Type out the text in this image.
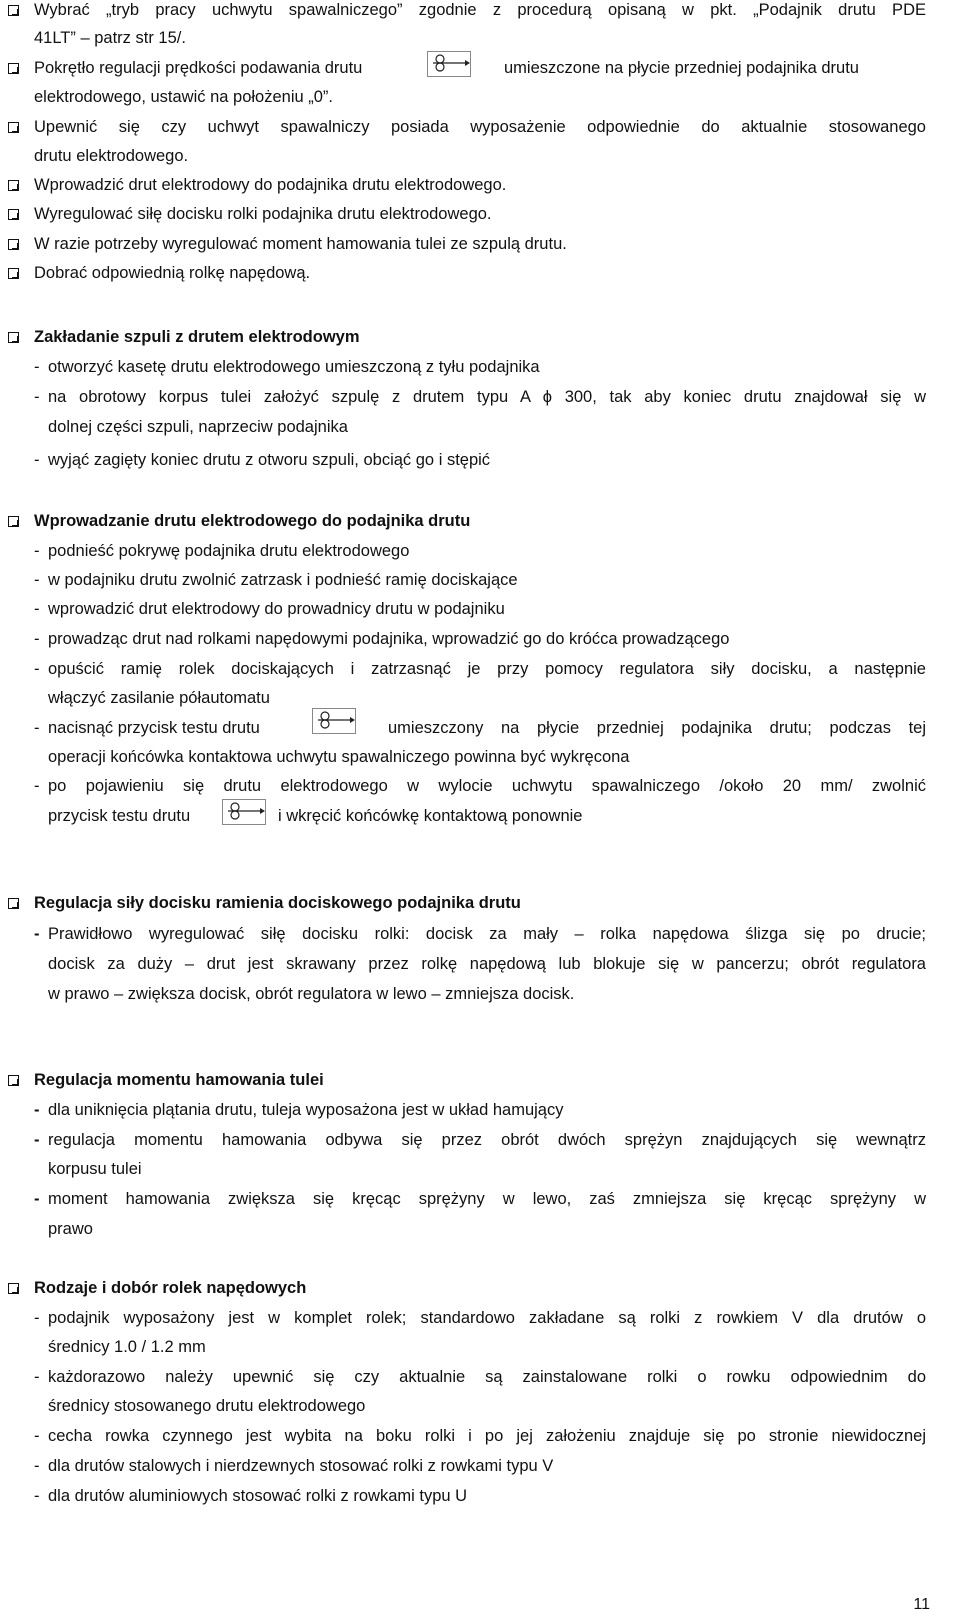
Wybrać „tryb pracy uchwytu spawalniczego” zgodnie z procedurą opisaną w pkt. „Podajnik drutu PDE
41LT” – patrz str 15/.
Pokrętło regulacji prędkości podawania drutu	umieszczone na płycie przedniej podajnika drutu
elektrodowego, ustawić na położeniu „0”.
Upewnić się czy uchwyt spawalniczy posiada wyposażenie odpowiednie do aktualnie stosowanego
drutu elektrodowego.
Wprowadzić drut elektrodowy do podajnika drutu elektrodowego.
Wyregulować siłę docisku rolki podajnika drutu elektrodowego.
W razie potrzeby wyregulować moment hamowania tulei ze szpulą drutu.
Dobrać odpowiednią rolkę napędową.
Zakładanie szpuli z drutem elektrodowym
- otworzyć kasetę drutu elektrodowego umieszczoną z tyłu podajnika
- na obrotowy korpus tulei założyć szpulę z drutem typu A ϕ 300, tak aby koniec drutu znajdował się w
dolnej części szpuli, naprzeciw podajnika
- wyjąć zagięty koniec drutu z otworu szpuli, obciąć go i stępić
Wprowadzanie drutu elektrodowego do podajnika drutu
- podnieść pokrywę podajnika drutu elektrodowego
- w podajniku drutu zwolnić zatrzask i podnieść ramię dociskające
- wprowadzić drut elektrodowy do prowadnicy drutu w podajniku
- prowadząc drut nad rolkami napędowymi podajnika, wprowadzić go do króćca prowadzącego
- opuścić ramię rolek dociskających i zatrzasnąć je przy pomocy regulatora siły docisku, a następnie
włączyć zasilanie półautomatu
- nacisnąć przycisk testu drutu	umieszczony na płycie przedniej podajnika drutu; podczas tej
operacji końcówka kontaktowa uchwytu spawalniczego powinna być wykręcona
- po pojawieniu się drutu elektrodowego w wylocie uchwytu spawalniczego /około 20 mm/ zwolnić
przycisk testu drutu	i wkręcić końcówkę kontaktową ponownie
Regulacja siły docisku ramienia dociskowego podajnika drutu
- Prawidłowo wyregulować siłę docisku rolki: docisk za mały – rolka napędowa ślizga się po drucie;
docisk za duży – drut jest skrawany przez rolkę napędową lub blokuje się w pancerzu; obrót regulatora
w prawo – zwiększa docisk, obrót regulatora w lewo – zmniejsza docisk.
Regulacja momentu hamowania tulei
- dla uniknięcia plątania drutu, tuleja wyposażona jest w układ hamujący
- regulacja momentu hamowania odbywa się przez obrót dwóch sprężyn znajdujących się wewnątrz
korpusu tulei
- moment hamowania zwiększa się kręcąc sprężyny w lewo, zaś zmniejsza się kręcąc sprężyny w
prawo
Rodzaje i dobór rolek napędowych
- podajnik wyposażony jest w komplet rolek; standardowo zakładane są rolki z rowkiem V dla drutów o
średnicy 1.0 / 1.2 mm
- każdorazowo należy upewnić się czy aktualnie są zainstalowane rolki o rowku odpowiednim do
średnicy stosowanego drutu elektrodowego
- cecha rowka czynnego jest wybita na boku rolki i po jej założeniu znajduje się po stronie niewidocznej
- dla drutów stalowych i nierdzewnych stosować rolki z rowkami typu V
- dla drutów aluminiowych stosować rolki z rowkami typu U
11
